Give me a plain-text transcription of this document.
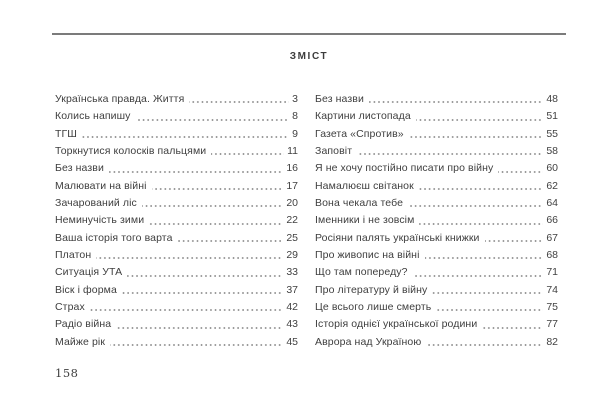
ЗМІСТ
Українська правда. Життя	3
Колись напишу	8
ТГШ	9
Торкнутися колосків пальцями	11
Без назви	16
Малювати на війні	17
Зачарований ліс	20
Неминучість зими	22
Ваша історія того варта	25
Платон	29
Ситуація УТА	33
Віск і форма	37
Страх	42
Радіо війна	43
Майже рік	45
Без назви	48
Картини листопада	51
Газета «Спротив»	55
Заповіт	58
Я не хочу постійно писати про війну	60
Намалюєш світанок	62
Вона чекала тебе	64
Іменники і не зовсім	66
Росіяни палять українські книжки	67
Про живопис на війні	68
Що там попереду?	71
Про літературу й війну	74
Це всього лише смерть	75
Історія однієї української родини	77
Аврора над Україною	82
158
